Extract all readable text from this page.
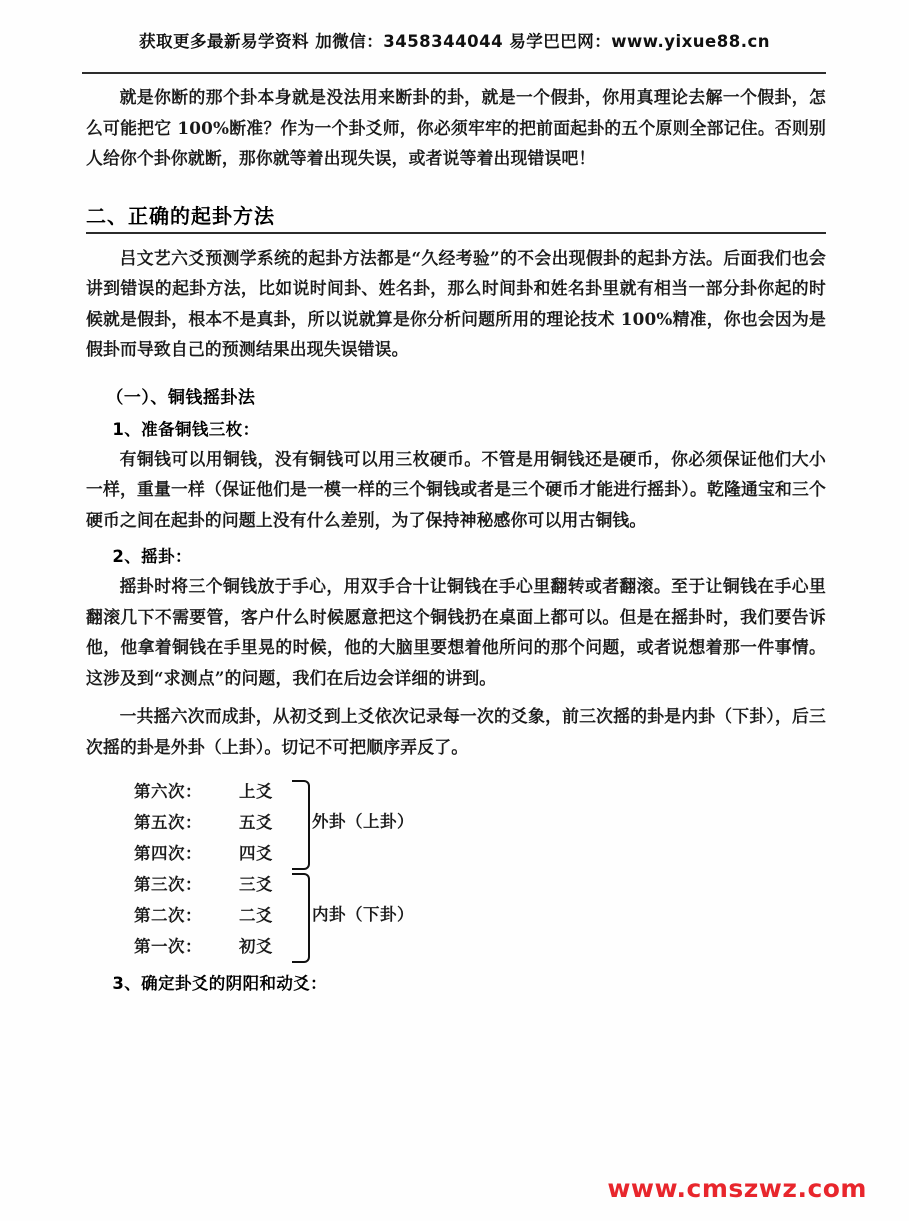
获取更多最新易学资料 加微信：3458344044 易学巴巴网：www.yixue88.cn

就是你断的那个卦本身就是没法用来断卦的卦，就是一个假卦，你用真理论去解一个假卦，怎么可能把它 100%断准？作为一个卦爻师，你必须牢牢的把前面起卦的五个原则全部记住。否则别人给你个卦你就断，那你就等着出现失误，或者说等着出现错误吧！

二、正确的起卦方法

吕文艺六爻预测学系统的起卦方法都是“久经考验”的不会出现假卦的起卦方法。后面我们也会讲到错误的起卦方法，比如说时间卦、姓名卦，那么时间卦和姓名卦里就有相当一部分卦你起的时候就是假卦，根本不是真卦，所以说就算是你分析问题所用的理论技术 100%精准，你也会因为是假卦而导致自己的预测结果出现失误错误。

（一）、铜钱摇卦法
1、准备铜钱三枚：

有铜钱可以用铜钱，没有铜钱可以用三枚硬币。不管是用铜钱还是硬币，你必须保证他们大小一样，重量一样（保证他们是一模一样的三个铜钱或者是三个硬币才能进行摇卦）。乾隆通宝和三个硬币之间在起卦的问题上没有什么差别，为了保持神秘感你可以用古铜钱。

2、摇卦：

摇卦时将三个铜钱放于手心，用双手合十让铜钱在手心里翻转或者翻滚。至于让铜钱在手心里翻滚几下不需要管，客户什么时候愿意把这个铜钱扔在桌面上都可以。但是在摇卦时，我们要告诉他，他拿着铜钱在手里晃的时候，他的大脑里要想着他所问的那个问题，或者说想着那一件事情。这涉及到“求测点”的问题，我们在后边会详细的讲到。

一共摇六次而成卦，从初爻到上爻依次记录每一次的爻象，前三次摇的卦是内卦（下卦），后三次摇的卦是外卦（上卦）。切记不可把顺序弄反了。

第六次： 上爻
第五次： 五爻
第四次： 四爻
第三次： 三爻
第二次： 二爻
第一次： 初爻
外卦（上卦）
内卦（下卦）
3、确定卦爻的阴阳和动爻：
www.cmszwz.com
